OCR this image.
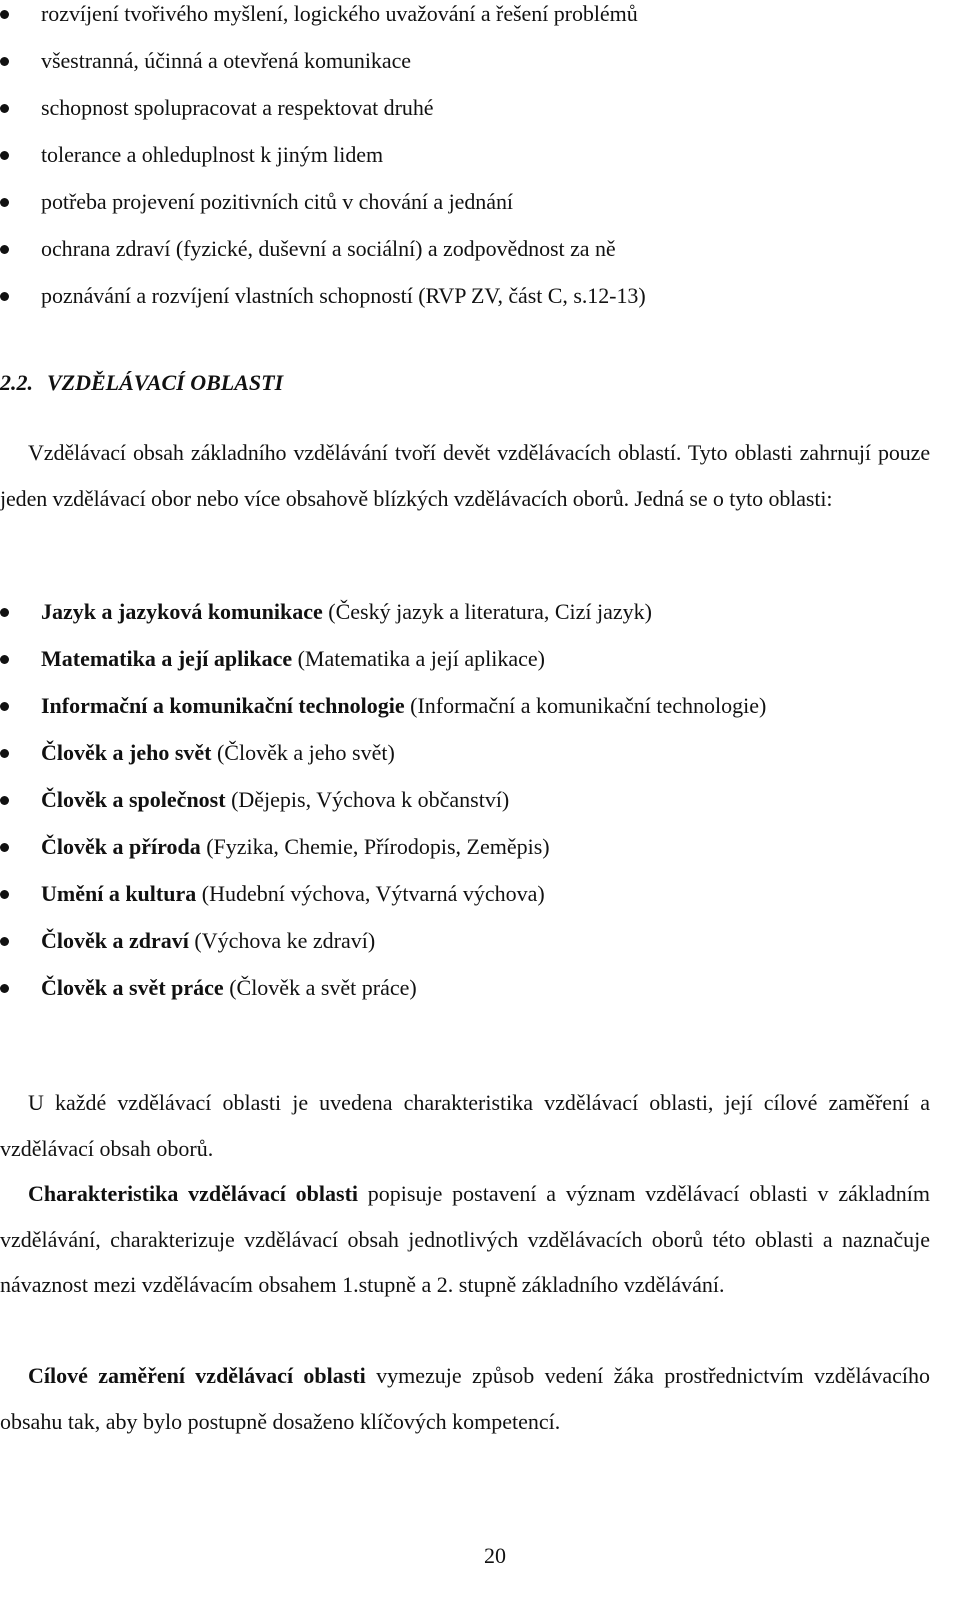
rozvíjení tvořivého myšlení, logického uvažování a řešení problémů
všestranná, účinná a otevřená komunikace
schopnost spolupracovat a respektovat druhé
tolerance a ohleduplnost k jiným lidem
potřeba projevení pozitivních citů v chování a jednání
ochrana zdraví (fyzické, duševní a sociální) a zodpovědnost za ně
poznávání a rozvíjení vlastních schopností (RVP ZV, část C, s.12-13)
2.2. VZDĚLÁVACÍ OBLASTI

Vzdělávací obsah základního vzdělávání tvoří devět vzdělávacích oblastí. Tyto oblasti zahrnují pouze jeden vzdělávací obor nebo více obsahově blízkých vzdělávacích oborů. Jedná se o tyto oblasti:

Jazyk a jazyková komunikace (Český jazyk a literatura, Cizí jazyk)
Matematika a její aplikace (Matematika a její aplikace)
Informační a komunikační technologie (Informační a komunikační technologie)
Člověk a jeho svět (Člověk a jeho svět)
Člověk a společnost (Dějepis, Výchova k občanství)
Člověk a příroda (Fyzika, Chemie, Přírodopis, Zeměpis)
Umění a kultura (Hudební výchova, Výtvarná výchova)
Člověk a zdraví (Výchova ke zdraví)
Člověk a svět práce (Člověk a svět práce)

U každé vzdělávací oblasti je uvedena charakteristika vzdělávací oblasti, její cílové zaměření a vzdělávací obsah oborů.

Charakteristika vzdělávací oblasti popisuje postavení a význam vzdělávací oblasti v základním vzdělávání, charakterizuje vzdělávací obsah jednotlivých vzdělávacích oborů této oblasti a naznačuje návaznost mezi vzdělávacím obsahem 1.stupně a 2. stupně základního vzdělávání.

Cílové zaměření vzdělávací oblasti vymezuje způsob vedení žáka prostřednictvím vzdělávacího obsahu tak, aby bylo postupně dosaženo klíčových kompetencí.

20
